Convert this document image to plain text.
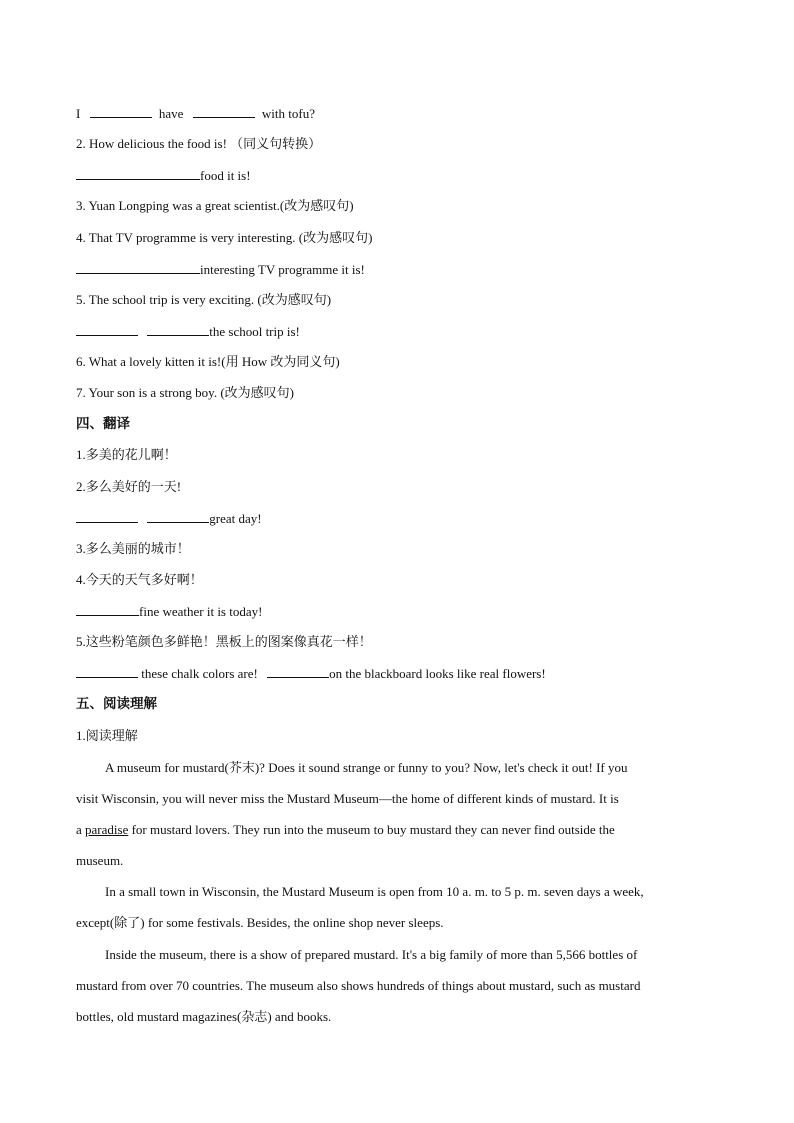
I	have	with tofu?
2. How delicious the food is! （同义句转换）
food it is!
3. Yuan Longping was a great scientist.(改为感叹句)
4. That TV programme is very interesting. (改为感叹句)
interesting TV programme it is!
5. The school trip is very exciting. (改为感叹句)
the school trip is!
6. What a lovely kitten it is!(用 How 改为同义句)
7. Your son is a strong boy. (改为感叹句)
四、翻译
1.多美的花儿啊！
2.多么美好的一天!
great day!
3.多么美丽的城市！
4.今天的天气多好啊！
fine weather it is today!
5.这些粉笔颜色多鲜艳！黑板上的图案像真花一样！
these chalk colors are!	on the blackboard looks like real flowers!
五、阅读理解
1.阅读理解
A museum for mustard(芥末)? Does it sound strange or funny to you? Now, let's check it out! If you
visit Wisconsin, you will never miss the Mustard Museum—the home of different kinds of mustard. It is
a paradise for mustard lovers. They run into the museum to buy mustard they can never find outside the
museum.
In a small town in Wisconsin, the Mustard Museum is open from 10 a. m. to 5 p. m. seven days a week,
except(除了) for some festivals. Besides, the online shop never sleeps.
Inside the museum, there is a show of prepared mustard. It's a big family of more than 5,566 bottles of
mustard from over 70 countries. The museum also shows hundreds of things about mustard, such as mustard
bottles, old mustard magazines(杂志) and books.
